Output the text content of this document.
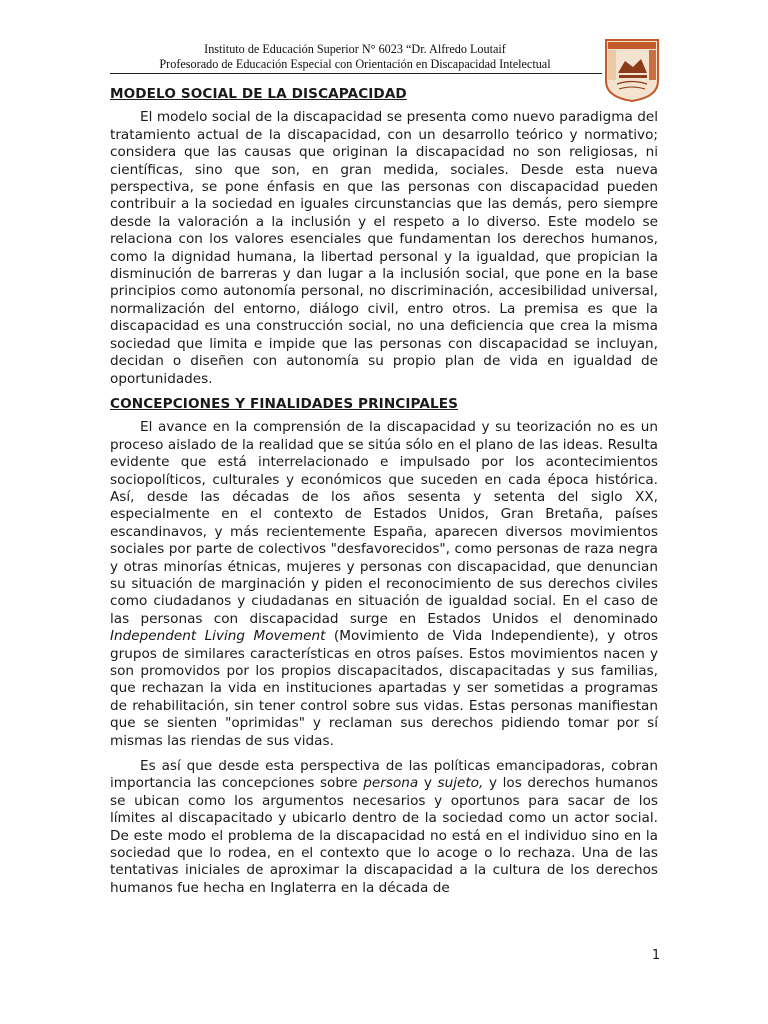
Instituto de Educación Superior N° 6023 “Dr. Alfredo Loutaif
Profesorado de Educación Especial con Orientación en Discapacidad Intelectual
MODELO SOCIAL DE LA DISCAPACIDAD

El modelo social de la discapacidad se presenta como nuevo paradigma del tratamiento actual de la discapacidad, con un desarrollo teórico y normativo; considera que las causas que originan la discapacidad no son religiosas, ni científicas, sino que son, en gran medida, sociales. Desde esta nueva perspectiva, se pone énfasis en que las personas con discapacidad pueden contribuir a la sociedad en iguales circunstancias que las demás, pero siempre desde la valoración a la inclusión y el respeto a lo diverso. Este modelo se relaciona con los valores esenciales que fundamentan los derechos humanos, como la dignidad humana, la libertad personal y la igualdad, que propician la disminución de barreras y dan lugar a la inclusión social, que pone en la base principios como autonomía personal, no discriminación, accesibilidad universal, normalización del entorno, diálogo civil, entro otros. La premisa es que la discapacidad es una construcción social, no una deficiencia que crea la misma sociedad que limita e impide que las personas con discapacidad se incluyan, decidan o diseñen con autonomía su propio plan de vida en igualdad de oportunidades.

CONCEPCIONES Y FINALIDADES PRINCIPALES

El avance en la comprensión de la discapacidad y su teorización no es un proceso aislado de la realidad que se sitúa sólo en el plano de las ideas. Resulta evidente que está interrelacionado e impulsado por los acontecimientos sociopolíticos, culturales y económicos que suceden en cada época histórica. Así, desde las décadas de los años sesenta y setenta del siglo XX, especialmente en el contexto de Estados Unidos, Gran Bretaña, países escandinavos, y más recientemente España, aparecen diversos movimientos sociales por parte de colectivos "desfavorecidos", como personas de raza negra y otras minorías étnicas, mujeres y personas con discapacidad, que denuncian su situación de marginación y piden el reconocimiento de sus derechos civiles como ciudadanos y ciudadanas en situación de igualdad social. En el caso de las personas con discapacidad surge en Estados Unidos el denominado Independent Living Movement (Movimiento de Vida Independiente), y otros grupos de similares características en otros países. Estos movimientos nacen y son promovidos por los propios discapacitados, discapacitadas y sus familias, que rechazan la vida en instituciones apartadas y ser sometidas a programas de rehabilitación, sin tener control sobre sus vidas. Estas personas manifiestan que se sienten "oprimidas" y reclaman sus derechos pidiendo tomar por sí mismas las riendas de sus vidas.

Es así que desde esta perspectiva de las políticas emancipadoras, cobran importancia las concepciones sobre persona y sujeto, y los derechos humanos se ubican como los argumentos necesarios y oportunos para sacar de los límites al discapacitado y ubicarlo dentro de la sociedad como un actor social. De este modo el problema de la discapacidad no está en el individuo sino en la sociedad que lo rodea, en el contexto que lo acoge o lo rechaza. Una de las tentativas iniciales de aproximar la discapacidad a la cultura de los derechos humanos fue hecha en Inglaterra en la década de

1
